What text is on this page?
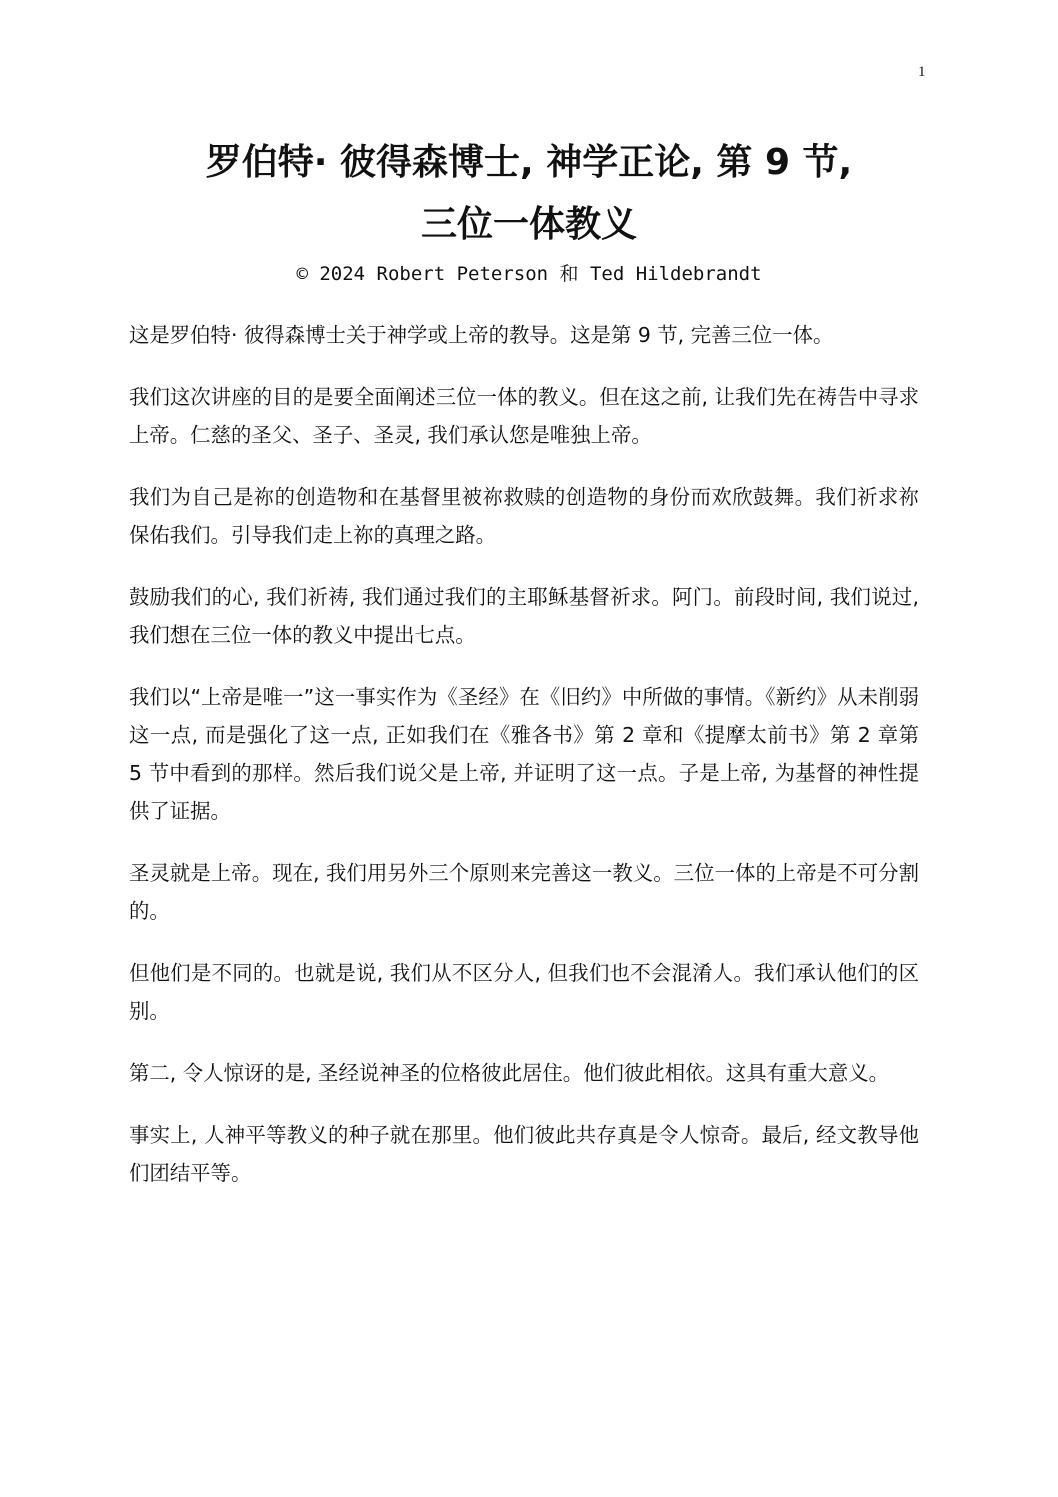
1
罗伯特· 彼得森博士, 神学正论, 第 9 节,
三位一体教义
© 2024 Robert Peterson 和 Ted Hildebrandt

这是罗伯特· 彼得森博士关于神学或上帝的教导。这是第 9 节, 完善三位一体。

我们这次讲座的目的是要全面阐述三位一体的教义。但在这之前, 让我们先在祷告中寻求上帝。仁慈的圣父、圣子、圣灵, 我们承认您是唯独上帝。

我们为自己是祢的创造物和在基督里被祢救赎的创造物的身份而欢欣鼓舞。我们祈求祢保佑我们。引导我们走上祢的真理之路。

鼓励我们的心, 我们祈祷, 我们通过我们的主耶稣基督祈求。阿门。前段时间, 我们说过, 我们想在三位一体的教义中提出七点。

我们以“上帝是唯一”这一事实作为《圣经》在《旧约》中所做的事情。《新约》从未削弱这一点, 而是强化了这一点, 正如我们在《雅各书》第 2 章和《提摩太前书》第 2 章第 5 节中看到的那样。然后我们说父是上帝, 并证明了这一点。子是上帝, 为基督的神性提供了证据。

圣灵就是上帝。现在, 我们用另外三个原则来完善这一教义。三位一体的上帝是不可分割的。

但他们是不同的。也就是说, 我们从不区分人, 但我们也不会混淆人。我们承认他们的区别。

第二, 令人惊讶的是, 圣经说神圣的位格彼此居住。他们彼此相依。这具有重大意义。

事实上, 人神平等教义的种子就在那里。他们彼此共存真是令人惊奇。最后, 经文教导他们团结平等。
